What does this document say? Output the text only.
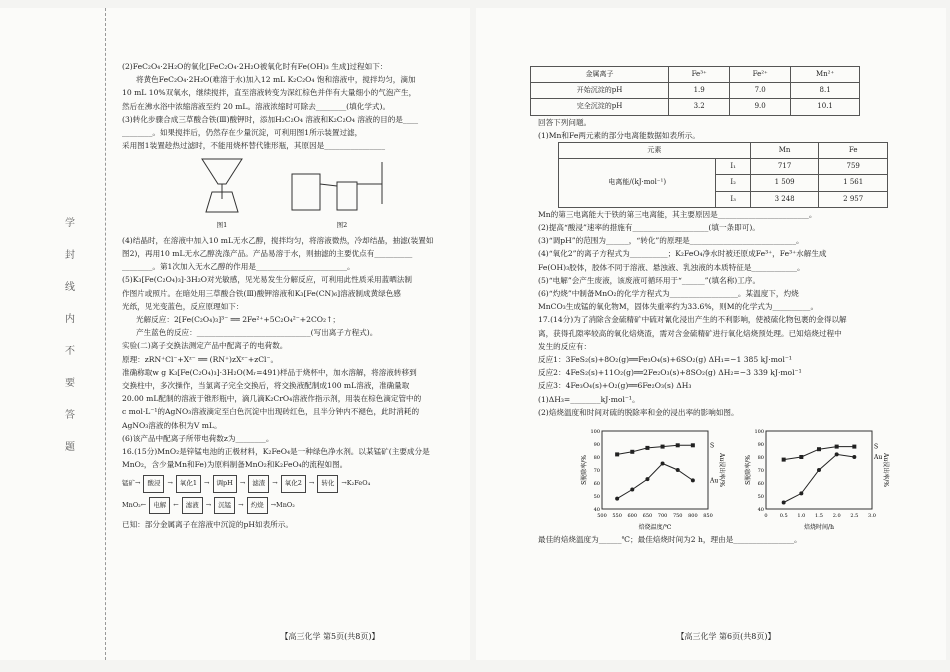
学 封 线 内 不 要 答 题

(2)FeC₂O₄·2H₂O的氧化[FeC₂O₄·2H₂O被氧化时有Fe(OH)₃ 生成]过程如下：

将黄色FeC₂O₄·2H₂O(难溶于水)加入12 mL K₂C₂O₄ 饱和溶液中，搅拌均匀，滴加

10 mL 10%双氧水，继续搅拌，直至溶液转变为深红棕色并伴有大量细小的气泡产生，

然后在沸水浴中浓缩溶液至约 20 mL。溶液浓缩时可除去________(填化学式)。

(3)转化步骤合成三草酸合铁(Ⅲ)酸钾时，添加H₂C₂O₄ 溶液和K₂C₂O₄ 溶液的目的是____

________。如果搅拌后，仍然存在少量沉淀，可利用图1所示装置过滤，

采用图1装置趁热过滤时，不能用烧杯替代锥形瓶，其原因是________________

图1	图2

(4)结晶时，在溶液中加入10 mL无水乙醇，搅拌均匀，将溶液微热，冷却结晶，抽滤(装置如

图2)，再用10 mL无水乙醇洗涤产品。产品易溶于水，则抽滤的主要优点有__________

________。第1次加入无水乙醇的作用是________________________。

(5)K₃[Fe(C₂O₄)₃]·3H₂O对光敏感，见光易发生分解反应，可利用此性质采用蓝晒法制

作图片或照片。在暗处用三草酸合铁(Ⅲ)酸钾溶液和K₃[Fe(CN)₆]溶液制成黄绿色感

光纸，见光变蓝色，反应原理如下：

光解反应：2[Fe(C₂O₄)₃]³⁻ ══ 2Fe²⁺+5C₂O₄²⁻+2CO₂↑；

产生蓝色的反应：______________________________(写出离子方程式)。

实验(二)离子交换法测定产品中配离子的电荷数。

原理：zRN⁺Cl⁻+Xᶻ⁻ ══ (RN⁺)zXᶻ⁻+zCl⁻。

准确称取w g K₃[Fe(C₂O₄)₃]·3H₂O(Mᵣ=491)样品于烧杯中，加水溶解，将溶液转移到

交换柱中，多次操作，当氯离子完全交换后，将交换液配制成100 mL溶液，准确量取

20.00 mL配制的溶液于锥形瓶中，滴几滴K₂CrO₄溶液作指示剂，用装在棕色滴定管中的

c mol·L⁻¹的AgNO₃溶液滴定至白色沉淀中出现砖红色，且半分钟内不褪色，此时消耗的

AgNO₃溶液的体积为V mL。

(6)该产品中配离子所带电荷数z为________。

16.(15分)MnO₂是锌锰电池的正极材料，K₂FeO₄是一种绿色净水剂。以某锰矿(主要成分是

MnO₂，含少量Mn和Fe)为原料制备MnO₂和K₂FeO₄的流程如图。

锰矿 →	酸浸	→	氧化1	→	调pH	→	滤渣	→	氧化2	→	转化	→ K₂FeO₄
MnO₂ ←	电解	←	滤液	→	沉锰	→	灼烧	→ MnO₂

已知：部分金属离子在溶液中沉淀的pH如表所示。

【高三化学 第5页(共8页)】
金属离子	Fe³⁺	Fe²⁺	Mn²⁺
开始沉淀的pH	1.9	7.0	8.1
完全沉淀的pH	3.2	9.0	10.1

回答下列问题。

(1)Mn和Fe两元素的部分电离能数据如表所示。

元素		Mn	Fe
电离能/(kJ·mol⁻¹)	I₁	717	759
	I₂	1 509	1 561
	I₃	3 248	2 957

Mn的第三电离能大于铁的第三电离能，其主要原因是________________________。

(2)提高“酸浸”速率的措施有____________________(填一条即可)。

(3)“调pH”的范围为______，“转化”的原理是____________________________。

(4)“氧化2”的离子方程式为__________；K₂FeO₄净水时被还原成Fe³⁺，Fe³⁺水解生成

Fe(OH)₃胶体，胶体不同于溶液、悬浊液、乳浊液的本质特征是____________。

(5)“电解”会产生废液，该废液可循环用于“______”(填名称)工序。

(6)“灼烧”中制备MnO₂的化学方程式为__________________。某温度下，灼烧

MnCO₃生成锰的氧化物M，固体失重率约为33.6%，则M的化学式为__________。

17.(14分)为了消除含金硫精矿中硫对氰化浸出产生的不利影响，使被硫化物包裹的金得以解

离，获得孔隙率较高的氧化焙烧渣，需对含金硫精矿进行氧化焙烧预处理。已知焙烧过程中

发生的反应有：

反应1：3FeS₂(s)+8O₂(g)══Fe₃O₄(s)+6SO₂(g) ΔH₁=−1 385 kJ·mol⁻¹

反应2：4FeS₂(s)+11O₂(g)══2Fe₂O₃(s)+8SO₂(g) ΔH₂=−3 339 kJ·mol⁻¹

反应3：4Fe₃O₄(s)+O₂(g)══6Fe₂O₃(s) ΔH₃

(1)ΔH₃=________kJ·mol⁻¹。

(2)焙烧温度和时间对硫的脱除率和金的浸出率的影响如图。

S
Au
焙烧温度/℃
S脱除率/%	Au浸出率/%
40
50
60
70
80
90
100
500 550 600 650 700 750 800 850
S
Au
焙烧时间/h
S脱除率/%	Au浸出率/%
40
50
60
70
80
90
100
0 0.5 1.0 1.5 2.0 2.5 3.0

最佳的焙烧温度为______℃；最佳焙烧时间为2 h，理由是________________。

【高三化学 第6页(共8页)】
